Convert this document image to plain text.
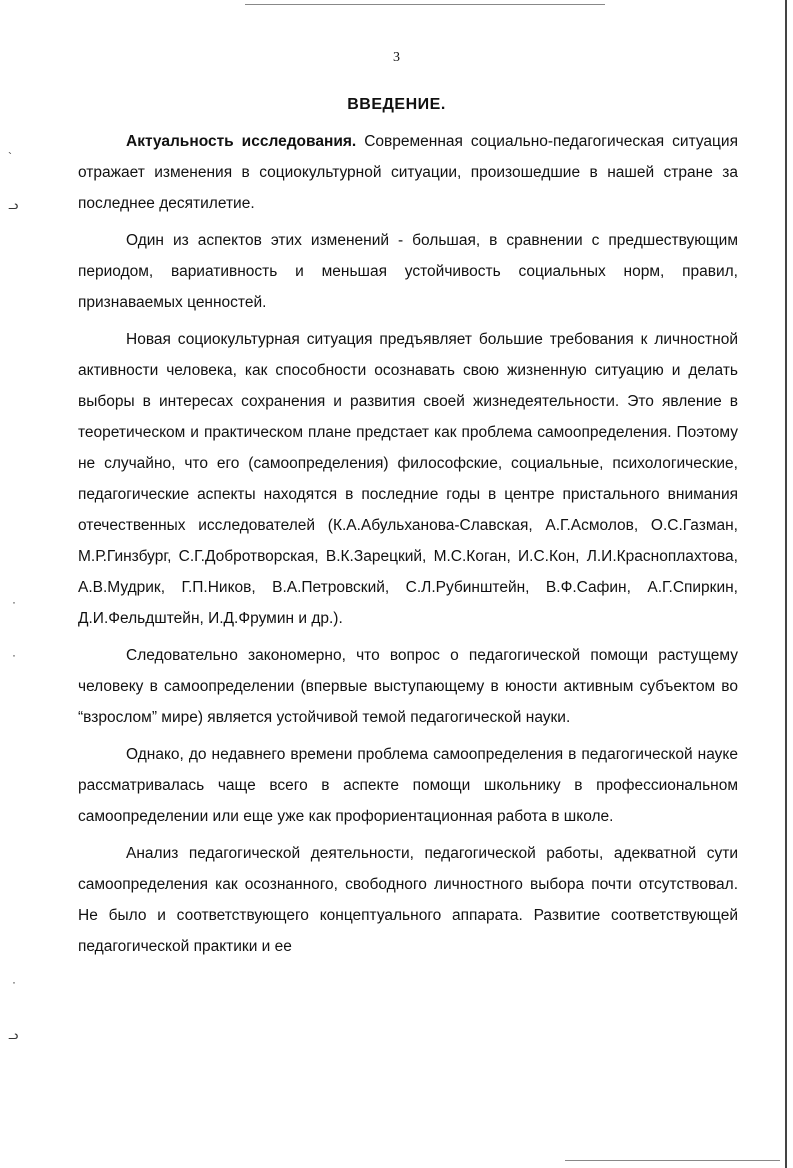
`
ᓗ
·
·
·
ᓗ
3
ВВЕДЕНИЕ.

Актуальность исследования. Современная социально-педагогическая ситуация отражает изменения в социокультурной ситуации, произошедшие в нашей стране за последнее десятилетие.

Один из аспектов этих изменений - большая, в сравнении с предшествующим периодом, вариативность и меньшая устойчивость социальных норм, правил, признаваемых ценностей.

Новая социокультурная ситуация предъявляет большие требования к личностной активности человека, как способности осознавать свою жизненную ситуацию и делать выборы в интересах сохранения и развития своей жизнедеятельности. Это явление в теоретическом и практическом плане предстает как проблема самоопределения. Поэтому не случайно, что его (самоопределения) философские, социальные, психологические, педагогические аспекты находятся в последние годы в центре пристального внимания отечественных исследователей (К.А.Абульханова-Славская, А.Г.Асмолов, О.С.Газман, М.Р.Гинзбург, С.Г.Добротворская, В.К.Зарецкий, М.С.Коган, И.С.Кон, Л.И.Красноплахтова, А.В.Мудрик, Г.П.Ников, В.А.Петровский, С.Л.Рубинштейн, В.Ф.Сафин, А.Г.Спиркин, Д.И.Фельдштейн, И.Д.Фрумин и др.).

Следовательно закономерно, что вопрос о педагогической помощи растущему человеку в самоопределении (впервые выступающему в юности активным субъектом во “взрослом” мире) является устойчивой темой педагогической науки.

Однако, до недавнего времени проблема самоопределения в педагогической науке рассматривалась чаще всего в аспекте помощи школьнику в профессиональном самоопределении или еще уже как профориентационная работа в школе.

Анализ педагогической деятельности, педагогической работы, адекватной сути самоопределения как осознанного, свободного личностного выбора почти отсутствовал. Не было и соответствующего концептуального аппарата. Развитие соответствующей педагогической практики и ее
